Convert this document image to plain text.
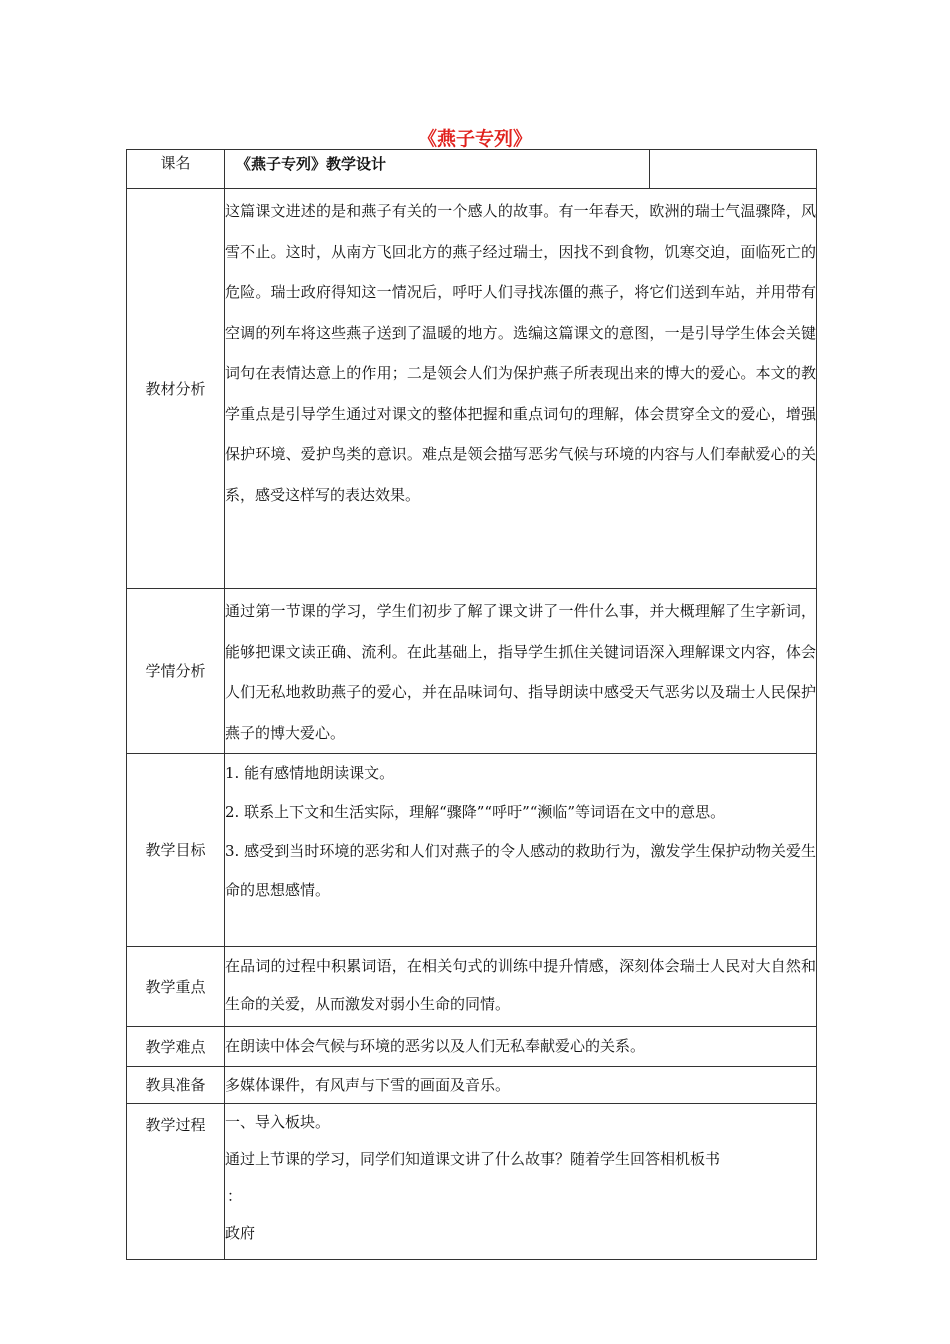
《燕子专列》
课名	《燕子专列》教学设计	

教材分析	这篇课文进述的是和燕子有关的一个感人的故事。有一年春天，欧洲的瑞士气温骤降，风雪不止。这时，从南方飞回北方的燕子经过瑞士，因找不到食物，饥寒交迫，面临死亡的危险。瑞士政府得知这一情况后，呼吁人们寻找冻僵的燕子，将它们送到车站，并用带有空调的列车将这些燕子送到了温暖的地方。选编这篇课文的意图，一是引导学生体会关键词句在表情达意上的作用；二是领会人们为保护燕子所表现出来的博大的爱心。本文的教学重点是引导学生通过对课文的整体把握和重点词句的理解，体会贯穿全文的爱心，增强保护环境、爱护鸟类的意识。难点是领会描写恶劣气候与环境的内容与人们奉献爱心的关系，感受这样写的表达效果。	
学情分析	通过第一节课的学习，学生们初步了解了课文讲了一件什么事，并大概理解了生字新词，能够把课文读正确、流利。在此基础上，指导学生抓住关键词语深入理解课文内容，体会人们无私地救助燕子的爱心，并在品味词句、指导朗读中感受天气恶劣以及瑞士人民保护燕子的博大爱心。	
教学目标	1. 能有感情地朗读课文。
2. 联系上下文和生活实际，理解“骤降”“呼吁”“濒临”等词语在文中的意思。
3. 感受到当时环境的恶劣和人们对燕子的令人感动的救助行为，激发学生保护动物关爱生命的思想感情。	

教学重点	在品词的过程中积累词语，在相关句式的训练中提升情感，深刻体会瑞士人民对大自然和生命的关爱，从而激发对弱小生命的同情。	
教学难点	在朗读中体会气候与环境的恶劣以及人们无私奉献爱心的关系。	
教具准备	多媒体课件，有风声与下雪的画面及音乐。	
教学过程	一、导入板块。
通过上节课的学习，同学们知道课文讲了什么故事？随着学生回答相机板书
：
政府	
